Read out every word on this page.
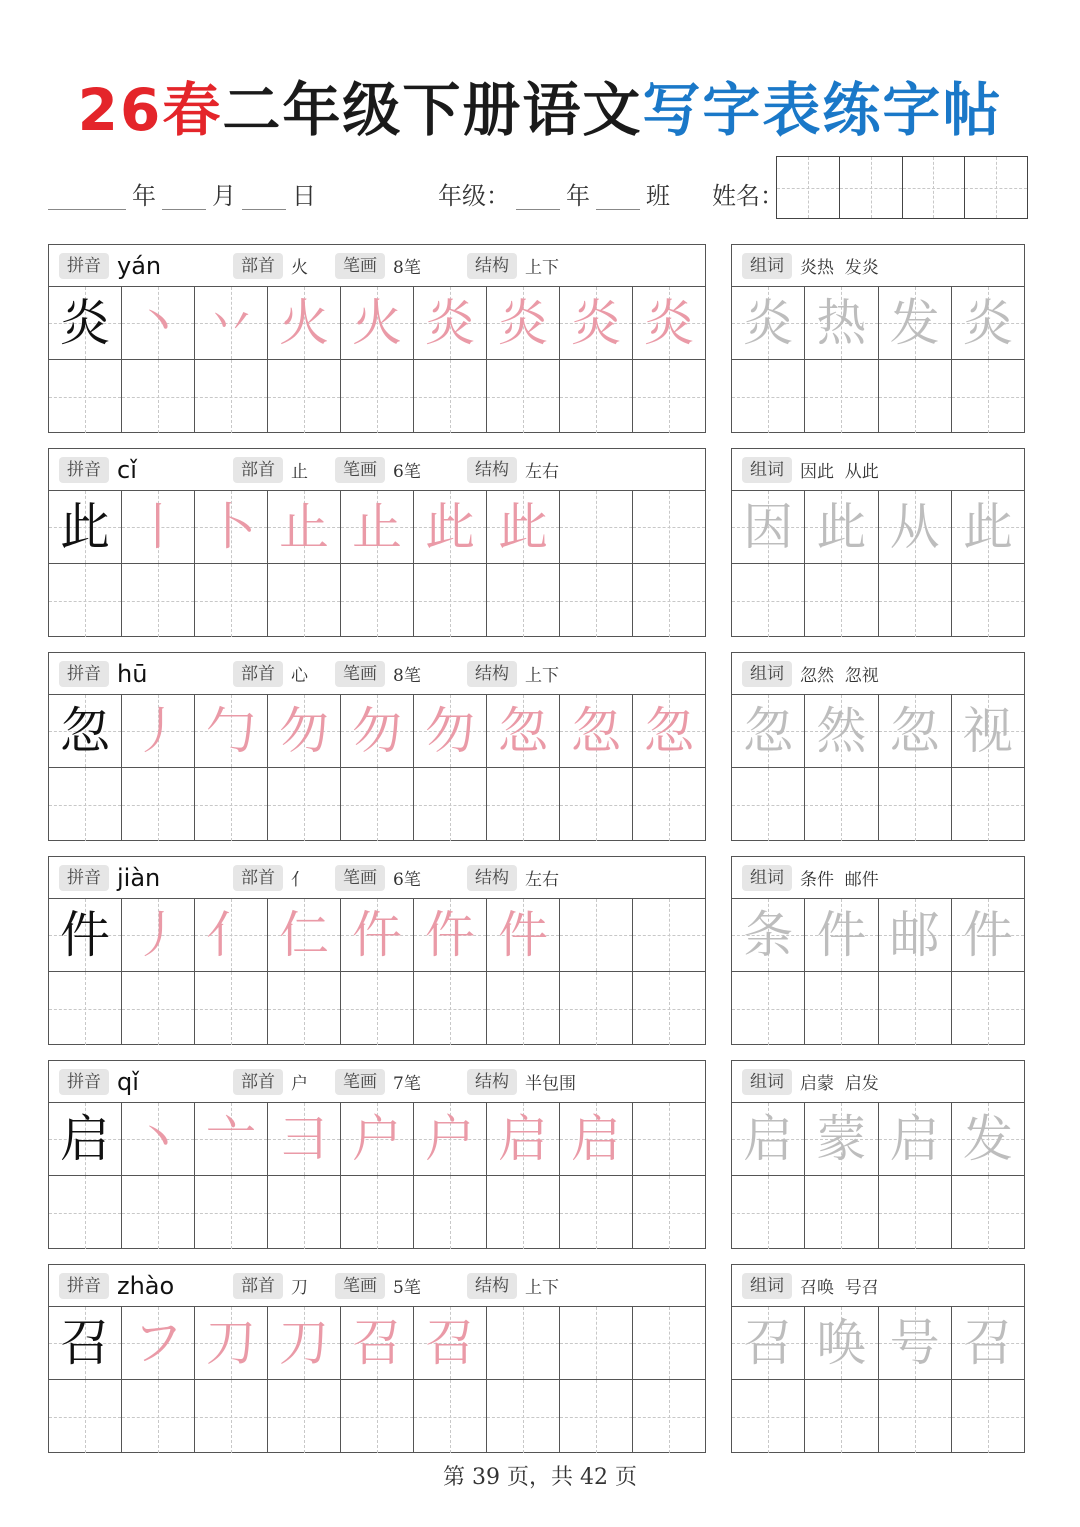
26春二年级下册语文写字表练字帖
年 月 日	年级： 年 班 姓名：
拼音 yán	部首 火	笔画 8笔	结构 上下
炎 丶 丷 火 火 炎 炎 炎 炎
组词 炎热  发炎
炎 热 发 炎
拼音 cǐ	部首 止	笔画 6笔	结构 左右
此 丨 卜 止 止 此 此
组词 因此  从此
因 此 从 此
拼音 hū	部首 心	笔画 8笔	结构 上下
忽 丿 勹 勿 勿 勿 忽 忽 忽
组词 忽然  忽视
忽 然 忽 视
拼音 jiàn	部首 亻	笔画 6笔	结构 左右
件 丿 亻 仁 仵 仵 件
组词 条件  邮件
条 件 邮 件
拼音 qǐ	部首 户	笔画 7笔	结构 半包围
启 丶 亠 彐 户 户 启 启
组词 启蒙  启发
启 蒙 启 发
拼音 zhào	部首 刀	笔画 5笔	结构 上下
召 フ 刀 刀 召 召
组词 召唤  号召
召 唤 号 召
第 39 页，共 42 页
